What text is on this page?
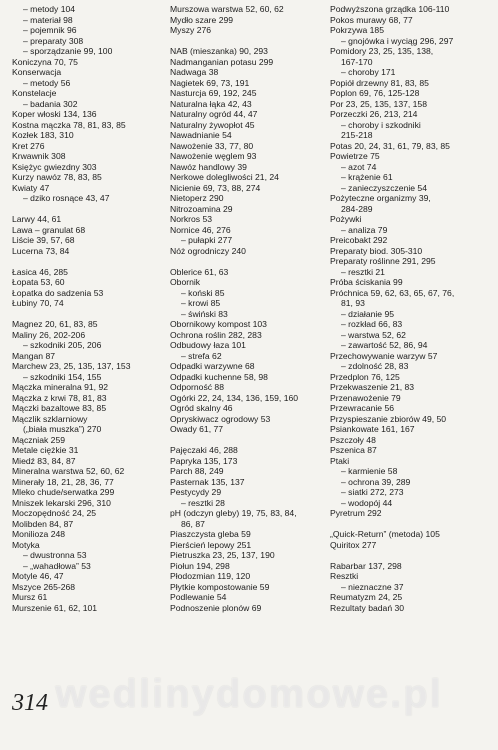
– metody 104
– materiał 98
– pojemnik 96
– preparaty 308
– sporządzanie 99, 100
Koniczyna 70, 75
Konserwacja
– metody 56
Konstelacje
– badania 302
Koper włoski 134, 136
Kostna mączka 78, 81, 83, 85
Kozłek 183, 310
Kret 276
Krwawnik 308
Księżyc gwiezdny 303
Kurzy nawóz 78, 83, 85
Kwiaty 47
– dziko rosnące 43, 47
Larwy 44, 61
Lawa – granulat 68
Liście 39, 57, 68
Lucerna 73, 84
Łasica 46, 285
Łopata 53, 60
Łopatka do sadzenia 53
Łubiny 70, 74
Magnez 20, 61, 83, 85
Maliny 26, 202-206
– szkodniki 205, 206
Mangan 87
Marchew 23, 25, 135, 137, 153
– szkodniki 154, 155
Mączka mineralna 91, 92
Mączka z krwi 78, 81, 83
Mączki bazaltowe 83, 85
Mączlik szklarniowy
(„biała muszka”) 270
Mączniak 259
Metale ciężkie 31
Miedź 83, 84, 87
Mineralna warstwa 52, 60, 62
Minerały 18, 21, 28, 36, 77
Mleko chude/serwatka 299
Mniszek lekarski 296, 310
Moczopędność 24, 25
Molibden 84, 87
Moniliоza 248
Motyka
– dwustronna 53
– „wahadłowa” 53
Motyle 46, 47
Mszyce 265-268
Mursz 61
Murszenie 61, 62, 101
Murszowa warstwa 52, 60, 62
Mydło szare 299
Myszy 276
NAB (mieszanka) 90, 293
Nadmanganian potasu 299
Nadwaga 38
Nagietek 69, 73, 191
Nasturcja 69, 192, 245
Naturalna łąka 42, 43
Naturalny ogród 44, 47
Naturalny żywopłot 45
Nawadnianie 54
Nawożenie 33, 77, 80
Nawożenie węglem 93
Nawóz handlowy 39
Nerkowe dolegliwości 21, 24
Nicienie 69, 73, 88, 274
Nietoperz 290
Nitrozoamina 29
Norkros 53
Nornice 46, 276
– pułapki 277
Nóż ogrodniczy 240
Oblerice 61, 63
Obornik
– koński 85
– krowi 85
– świński 83
Obornikowy kompost 103
Ochrona roślin 282, 283
Odbudowy łaza 101
– strefa 62
Odpadki warzywne 68
Odpadki kuchenne 58, 98
Odporność 88
Ogórki 22, 24, 134, 136, 159, 160
Ogród skalny 46
Opryskiwacz ogrodowy 53
Owady 61, 77
Pajęczaki 46, 288
Papryka 135, 173
Parch 88, 249
Pasternak 135, 137
Pestycydy 29
– resztki 28
pH (odczyn gleby) 19, 75, 83, 84,
86, 87
Piaszczysta gleba 59
Pierścień lepowy 251
Pietruszka 23, 25, 137, 190
Piołun 194, 298
Płodozmian 119, 120
Płytkie kompostowanie 59
Podlewanie 54
Podnoszenie plonów 69
Podwyższona grządka 106-110
Pokos murawy 68, 77
Pokrzywa 185
– gnojówka i wyciąg 296, 297
Pomidory 23, 25, 135, 138,
167-170
– choroby 171
Popiół drzewny 81, 83, 85
Poplon 69, 76, 125-128
Por 23, 25, 135, 137, 158
Porzeczki 26, 213, 214
– choroby i szkodniki
215-218
Potas 20, 24, 31, 61, 79, 83, 85
Powietrze 75
– azot 74
– krążenie 61
– zanieczyszczenie 54
Pożyteczne organizmy 39,
284-289
Pożywki
– analiza 79
Preicobakt 292
Preparaty biod. 305-310
Preparaty roślinne 291, 295
– resztki 21
Próba ściskania 99
Próchnica 59, 62, 63, 65, 67, 76,
81, 93
– działanie 95
– rozkład 66, 83
– warstwa 52, 62
– zawartość 52, 86, 94
Przechowywanie warzyw 57
– zdolność 28, 83
Przedplon 76, 125
Przekwaszenie 21, 83
Przenawożenie 79
Przewracanie 56
Przyspieszanie zbiorów 49, 50
Psiankowate 161, 167
Pszczoły 48
Pszenica 87
Ptaki
– karmienie 58
– ochrona 39, 289
– siatki 272, 273
– wodopój 44
Pyretrum 292
„Quick-Return” (metoda) 105
Quiritox 277
Rabarbar 137, 298
Resztki
– nieznaczne 37
Reumatyzm 24, 25
Rezultaty badań 30
wedlinydomowe.pl
314
